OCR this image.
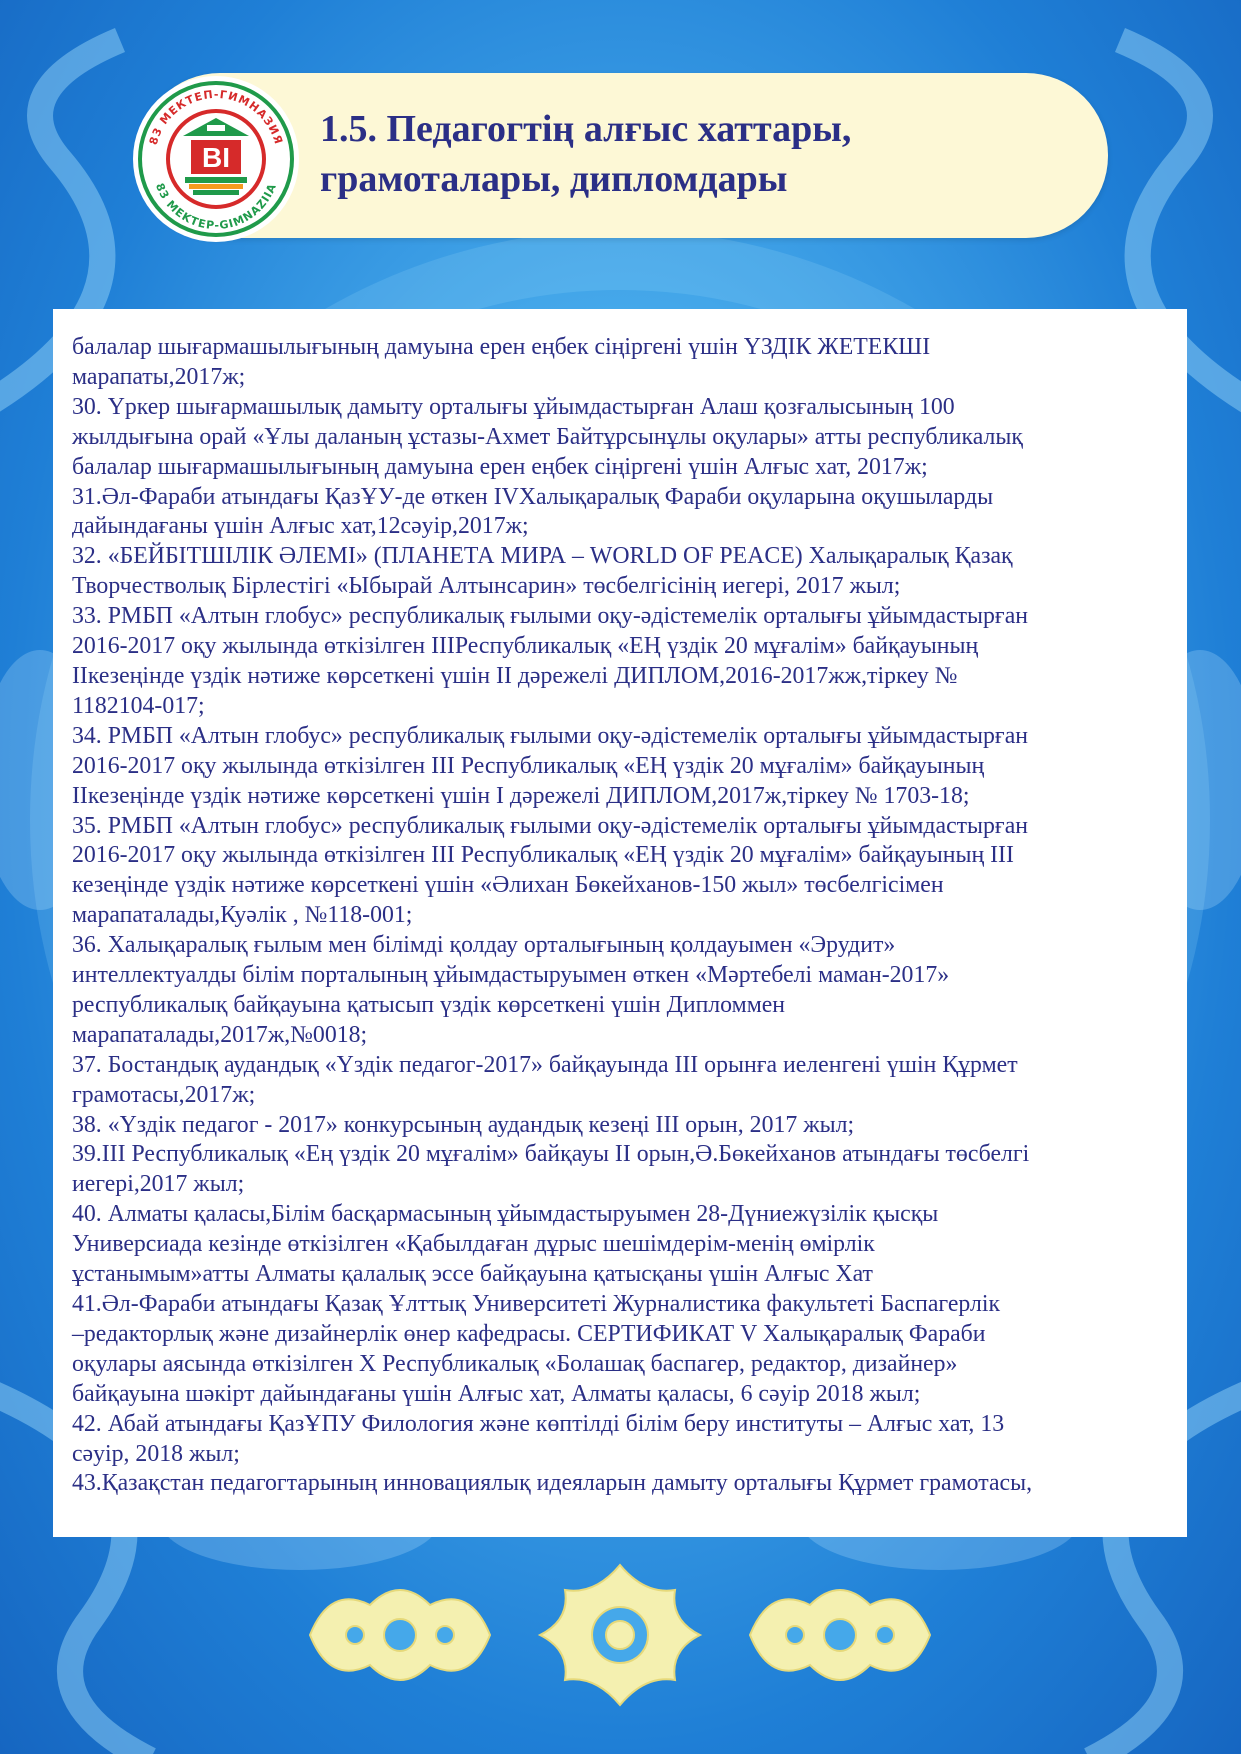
83 МЕКТЕП-ГИМНАЗИЯ
83 MEKTEP-GIMNAZIIA
ВІ
1.5. Педагогтің алғыс хаттары,
грамоталары, дипломдары
балалар шығармашылығының дамуына ерен еңбек сіңіргені үшін ҮЗДІК ЖЕТЕКШІ
марапаты,2017ж;
30. Үркер шығармашылық дамыту орталығы ұйымдастырған Алаш қозғалысының 100
жылдығына орай «Ұлы даланың ұстазы-Ахмет Байтұрсынұлы оқулары» атты республикалық
балалар шығармашылығының дамуына ерен еңбек сіңіргені үшін Алғыс хат, 2017ж;
31.Әл-Фараби атындағы ҚазҰУ-де өткен ІVХалықаралық Фараби оқуларына оқушыларды
дайындағаны үшін Алғыс хат,12сәуір,2017ж;
32. «БЕЙБІТШІЛІК ӘЛЕМІ» (ПЛАНЕТА МИРА – WORLD OF PEACE) Халықаралық Қазақ
Творчестволық Бірлестігі «Ыбырай Алтынсарин» төсбелгісінің иегері, 2017 жыл;
33. РМБП «Алтын глобус» республикалық ғылыми оқу-әдістемелік орталығы ұйымдастырған
2016-2017 оқу жылында өткізілген ІІІРеспубликалық «ЕҢ үздік 20 мұғалім» байқауының
ІІкезеңінде үздік нәтиже көрсеткені үшін ІІ дәрежелі ДИПЛОМ,2016-2017жж,тіркеу №
1182104-017;
34. РМБП «Алтын глобус» республикалық ғылыми оқу-әдістемелік орталығы ұйымдастырған
2016-2017 оқу жылында өткізілген ІІІ Республикалық «ЕҢ үздік 20 мұғалім» байқауының
ІІкезеңінде үздік нәтиже көрсеткені үшін І дәрежелі ДИПЛОМ,2017ж,тіркеу № 1703-18;
35. РМБП «Алтын глобус» республикалық ғылыми оқу-әдістемелік орталығы ұйымдастырған
2016-2017 оқу жылында өткізілген ІІІ Республикалық «ЕҢ үздік 20 мұғалім» байқауының ІІІ
кезеңінде үздік нәтиже көрсеткені үшін «Әлихан Бөкейханов-150 жыл» төсбелгісімен
марапаталады,Куәлік , №118-001;
36. Халықаралық ғылым мен білімді қолдау орталығының қолдауымен «Эрудит»
интеллектуалды білім порталының ұйымдастыруымен өткен «Мәртебелі маман-2017»
республикалық байқауына қатысып үздік көрсеткені үшін Дипломмен
марапаталады,2017ж,№0018;
37. Бостандық аудандық «Үздік педагог-2017» байқауында ІІІ орынға иеленгені үшін Құрмет
грамотасы,2017ж;
38. «Үздік педагог - 2017» конкурсының аудандық кезеңі ІІІ орын, 2017 жыл;
39.ІІІ Республикалық «Ең үздік 20 мұғалім» байқауы ІІ орын,Ә.Бөкейханов атындағы төсбелгі
иегері,2017 жыл;
40. Алматы қаласы,Білім басқармасының ұйымдастыруымен 28-Дүниежүзілік қысқы
Универсиада кезінде өткізілген «Қабылдаған дұрыс шешімдерім-менің өмірлік
ұстанымым»атты Алматы қалалық эссе байқауына қатысқаны үшін Алғыс Хат
41.Әл-Фараби атындағы Қазақ Ұлттық Университеті Журналистика факультеті Баспагерлік
–редакторлық және дизайнерлік өнер кафедрасы. СЕРТИФИКАТ V Халықаралық Фараби
оқулары аясында өткізілген Х Республикалық «Болашақ баспагер, редактор, дизайнер»
байқауына шәкірт дайындағаны үшін Алғыс хат, Алматы қаласы, 6 сәуір 2018 жыл;
42. Абай атындағы ҚазҰПУ Филология және көптілді білім беру институты – Алғыс хат, 13
сәуір, 2018 жыл;
43.Қазақстан педагогтарының инновациялық идеяларын дамыту орталығы Құрмет грамотасы,
